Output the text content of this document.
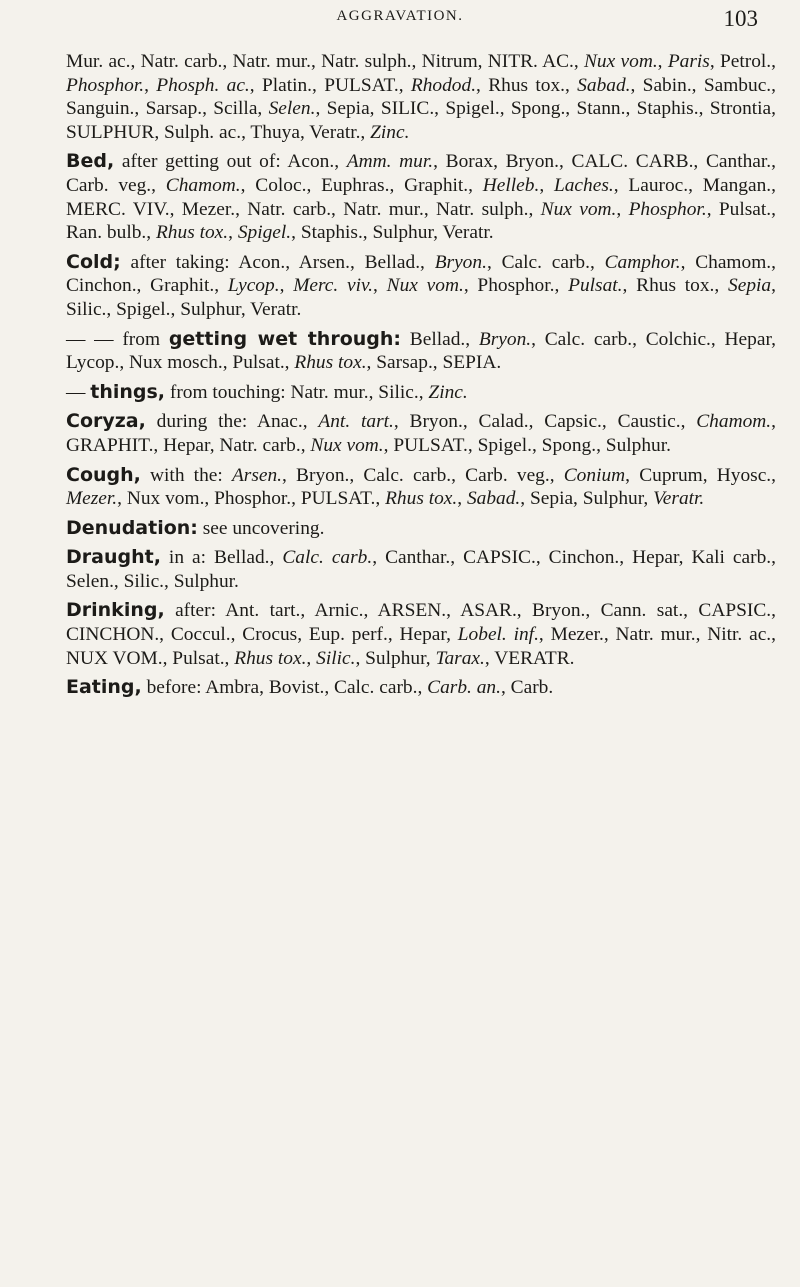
AGGRAVATION.	103

Mur. ac., Natr. carb., Natr. mur., Natr. sulph., Nitrum, NITR. AC., Nux vom., Paris, Petrol., Phosphor., Phosph. ac., Platin., PULSAT., Rhodod., Rhus tox., Sabad., Sabin., Sambuc., Sanguin., Sarsap., Scilla, Selen., Sepia, SILIC., Spigel., Spong., Stann., Staphis., Strontia, SULPHUR, Sulph. ac., Thuya, Veratr., Zinc.

Bed, after getting out of: Acon., Amm. mur., Borax, Bryon., CALC. CARB., Canthar., Carb. veg., Chamom., Coloc., Euphras., Graphit., Helleb., Laches., Lauroc., Mangan., MERC. VIV., Mezer., Natr. carb., Natr. mur., Natr. sulph., Nux vom., Phosphor., Pulsat., Ran. bulb., Rhus tox., Spigel., Staphis., Sulphur, Veratr.

Cold; after taking: Acon., Arsen., Bellad., Bryon., Calc. carb., Camphor., Chamom., Cinchon., Graphit., Lycop., Merc. viv., Nux vom., Phosphor., Pulsat., Rhus tox., Sepia, Silic., Spigel., Sulphur, Veratr.

— — from getting wet through: Bellad., Bryon., Calc. carb., Colchic., Hepar, Lycop., Nux mosch., Pulsat., Rhus tox., Sarsap., SEPIA.

— things, from touching: Natr. mur., Silic., Zinc.

Coryza, during the: Anac., Ant. tart., Bryon., Calad., Capsic., Caustic., Chamom., GRAPHIT., Hepar, Natr. carb., Nux vom., PULSAT., Spigel., Spong., Sulphur.

Cough, with the: Arsen., Bryon., Calc. carb., Carb. veg., Conium, Cuprum, Hyosc., Mezer., Nux vom., Phosphor., PULSAT., Rhus tox., Sabad., Sepia, Sulphur, Veratr.

Denudation: see uncovering.

Draught, in a: Bellad., Calc. carb., Canthar., CAPSIC., Cinchon., Hepar, Kali carb., Selen., Silic., Sulphur.

Drinking, after: Ant. tart., Arnic., ARSEN., ASAR., Bryon., Cann. sat., CAPSIC., CINCHON., Coccul., Crocus, Eup. perf., Hepar, Lobel. inf., Mezer., Natr. mur., Nitr. ac., NUX VOM., Pulsat., Rhus tox., Silic., Sulphur, Tarax., VERATR.

Eating, before: Ambra, Bovist., Calc. carb., Carb. an., Carb.
